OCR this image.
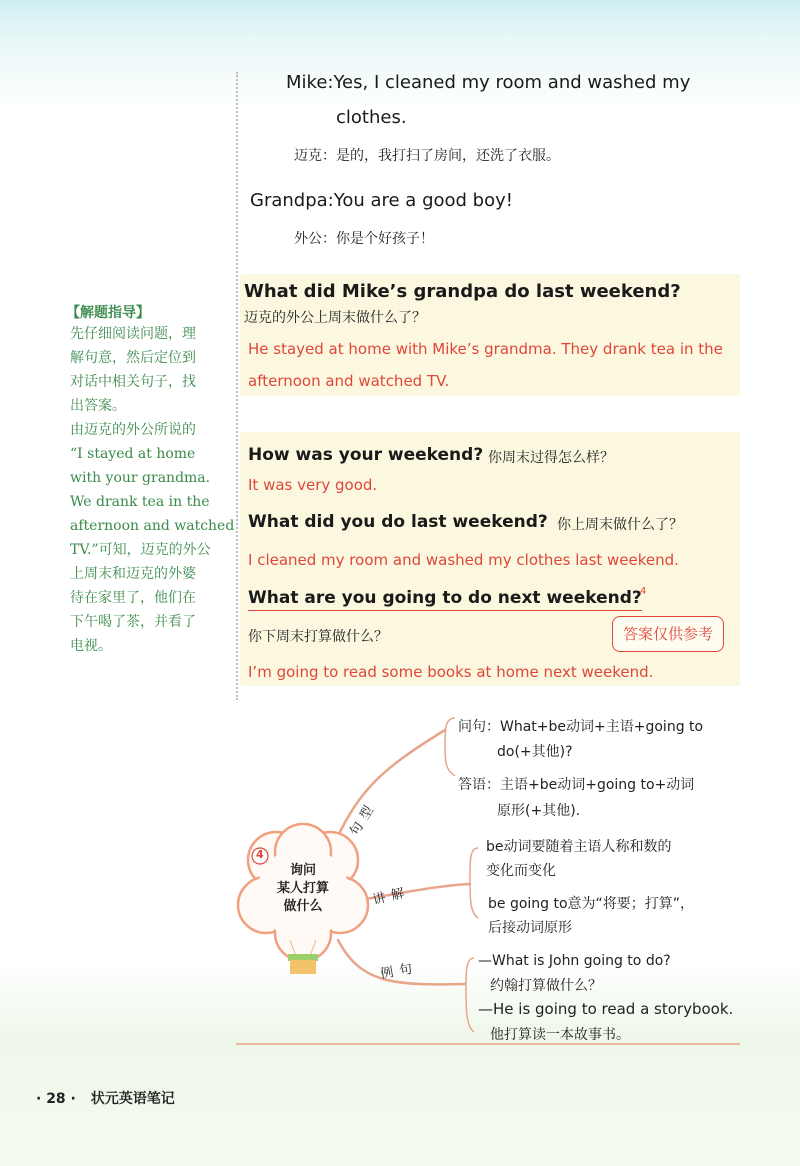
Mike:Yes, I cleaned my room and washed my
clothes.
迈克：是的，我打扫了房间，还洗了衣服。
Grandpa:You are a good boy!
外公：你是个好孩子！
【解题指导】
先仔细阅读问题，理
解句意，然后定位到
对话中相关句子，找
出答案。
由迈克的外公所说的
“I stayed at home
with your grandma.
We drank tea in the
afternoon and watched
TV.”可知，迈克的外公
上周末和迈克的外婆
待在家里了，他们在
下午喝了茶，并看了
电视。
What did Mike’s grandpa do last weekend?
迈克的外公上周末做什么了？
He stayed at home with Mike’s grandma. They drank tea in the
afternoon and watched TV.
How was your weekend? 你周末过得怎么样？
It was very good.
What did you do last weekend? 你上周末做什么了？
I cleaned my room and washed my clothes last weekend.
What are you going to do next weekend?
4
你下周末打算做什么？	答案仅供参考
I’m going to read some books at home next weekend.
4
询问
某人打算
做什么
句型
讲解
例句
问句：What+be动词+主语+going to
do(+其他)?
答语：主语+be动词+going to+动词
原形(+其他).
be动词要随着主语人称和数的
变化而变化
be going to意为“将要；打算”，
后接动词原形
—What is John going to do?
约翰打算做什么？
—He is going to read a storybook.
他打算读一本故事书。
· 28 · 状元英语笔记
